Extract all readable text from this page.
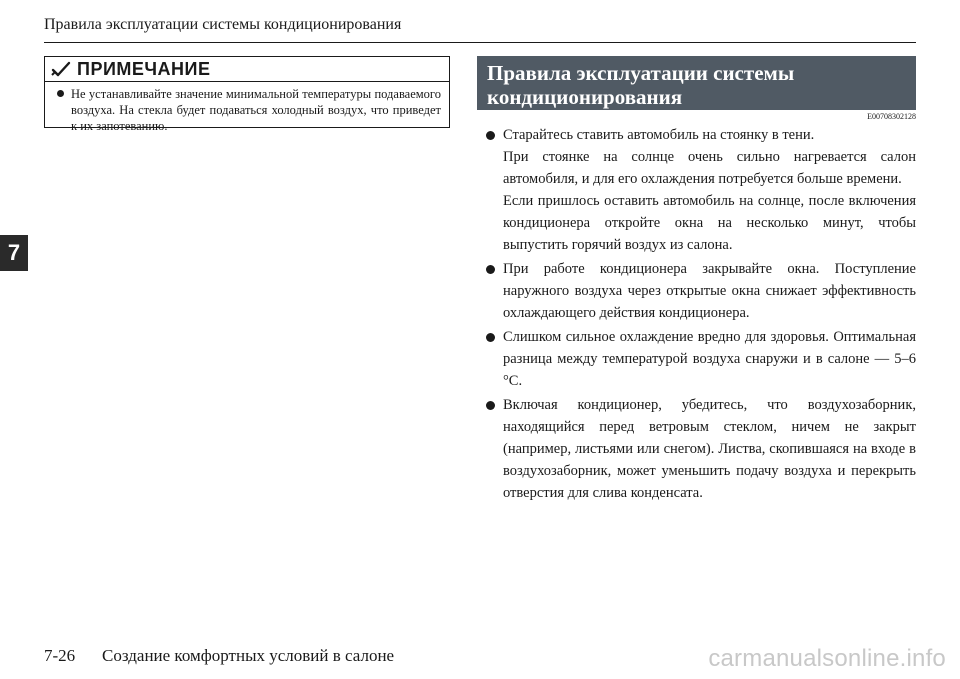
Правила эксплуатации системы кондиционирования
7
ПРИМЕЧАНИЕ
Не устанавливайте значение минимальной температуры подаваемого воздуха. На стекла будет подаваться холодный воздух, что приведет к их запотеванию.
Правила эксплуатации системы
кондиционирования
E00708302128
Старайтесь ставить автомобиль на стоянку в тени.
При стоянке на солнце очень сильно нагревается салон автомобиля, и для его охлаждения потребуется больше времени.
Если пришлось оставить автомобиль на солнце, после включения кондиционера откройте окна на несколько минут, чтобы выпустить горячий воздух из салона.
При работе кондиционера закрывайте окна. Поступление наружного воздуха через открытые окна снижает эффективность охлаждающего действия кондиционера.
Слишком сильное охлаждение вредно для здоровья. Оптимальная разница между температурой воздуха снаружи и в салоне — 5–6 °C.
Включая кондиционер, убедитесь, что воздухозаборник, находящийся перед ветровым стеклом, ничем не закрыт (например, листьями или снегом). Листва, скопившаяся на входе в воздухозаборник, может уменьшить подачу воздуха и перекрыть отверстия для слива конденсата.
7-26 Создание комфортных условий в салоне	carmanualsonline.info
